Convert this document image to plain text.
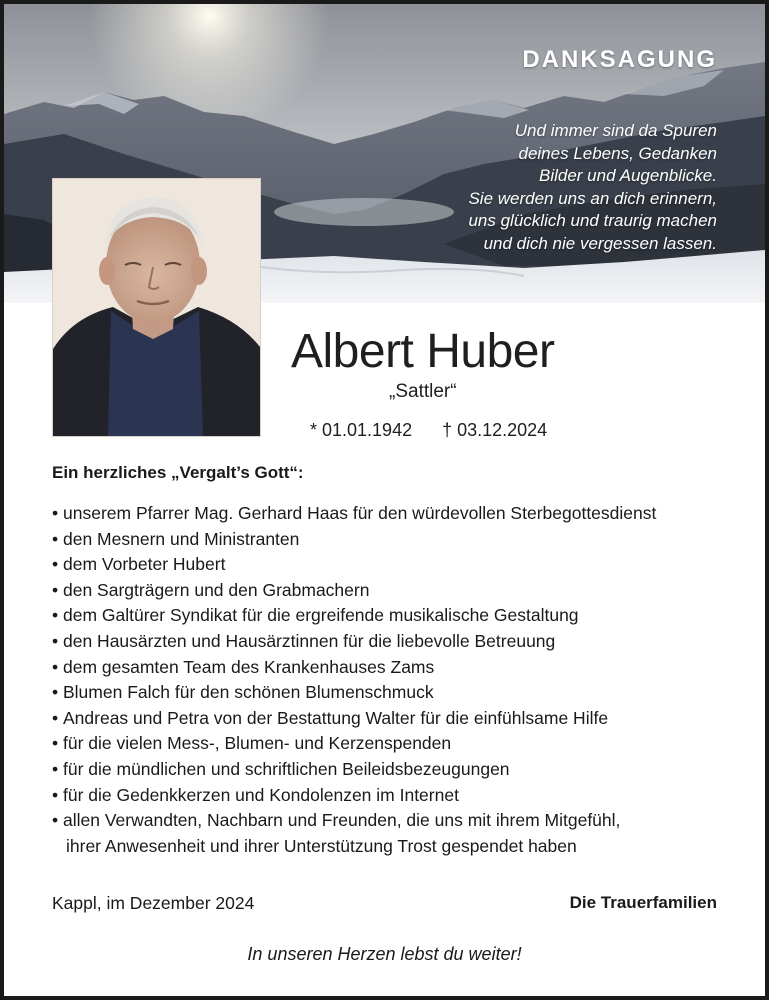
DANKSAGUNG
Und immer sind da Spuren
deines Lebens, Gedanken
Bilder und Augenblicke.
Sie werden uns an dich erinnern,
uns glücklich und traurig machen
und dich nie vergessen lassen.
Albert Huber
„Sattler“
* 01.01.1942 † 03.12.2024
Ein herzliches „Vergalt’s Gott“:
• unserem Pfarrer Mag. Gerhard Haas für den würdevollen Sterbegottesdienst
• den Mesnern und Ministranten
• dem Vorbeter Hubert
• den Sargträgern und den Grabmachern
• dem Galtürer Syndikat für die ergreifende musikalische Gestaltung
• den Hausärzten und Hausärztinnen für die liebevolle Betreuung
• dem gesamten Team des Krankenhauses Zams
• Blumen Falch für den schönen Blumenschmuck
• Andreas und Petra von der Bestattung Walter für die einfühlsame Hilfe
• für die vielen Mess-, Blumen- und Kerzenspenden
• für die mündlichen und schriftlichen Beileidsbezeugungen
• für die Gedenkkerzen und Kondolenzen im Internet
• allen Verwandten, Nachbarn und Freunden, die uns mit ihrem Mitgefühl,
ihrer Anwesenheit und ihrer Unterstützung Trost gespendet haben
Kappl, im Dezember 2024	Die Trauerfamilien
In unseren Herzen lebst du weiter!
